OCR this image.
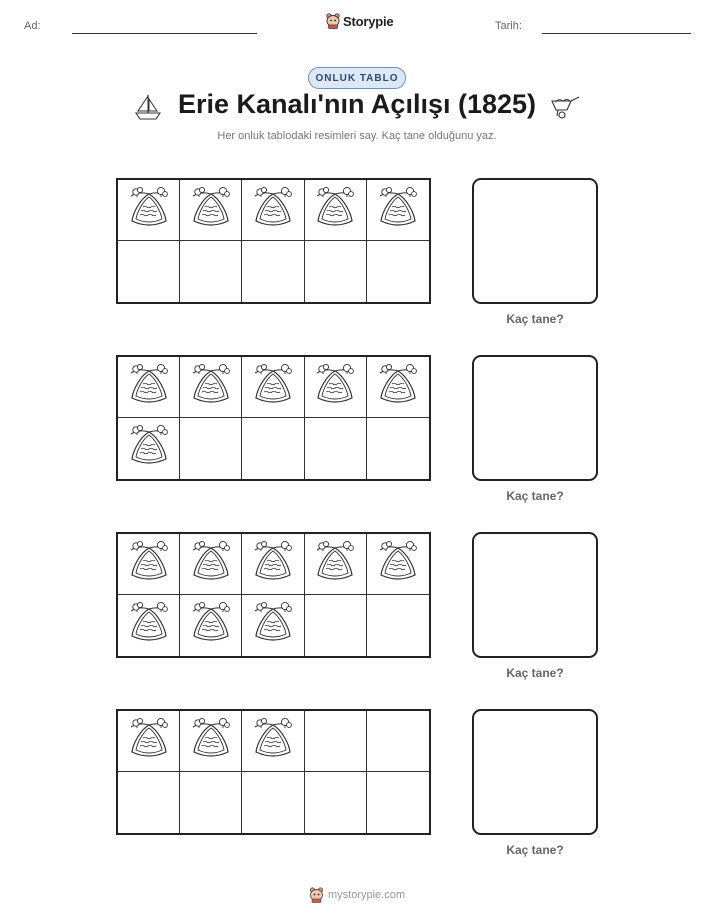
Ad:	Storypie	Tarih:
ONLUK TABLO
Erie Kanalı'nın Açılışı (1825)
Her onluk tablodaki resimleri say. Kaç tane olduğunu yaz.
Kaç tane?
Kaç tane?
Kaç tane?
Kaç tane?
mystorypie.com
